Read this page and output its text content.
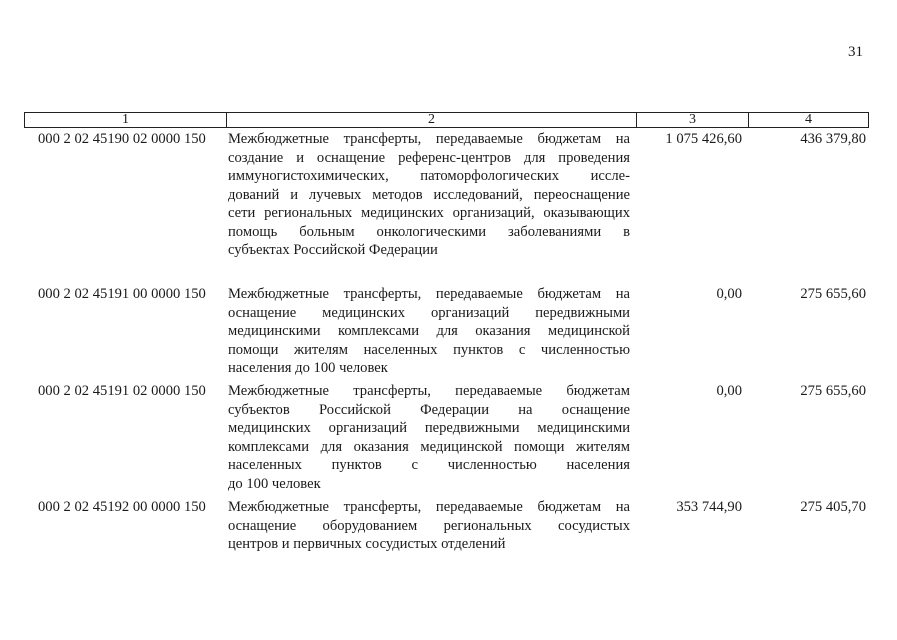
31
1	2	3	4
000 2 02 45190 02 0000 150	Межбюджетные трансферты, передаваемые бюджетам на
создание и оснащение референс-центров для проведения
иммуногистохимических, патоморфологических иссле-
дований и лучевых методов исследований, переоснащение
сети региональных медицинских организаций, оказывающих
помощь больным онкологическими заболеваниями в
субъектах Российской Федерации
1 075 426,60	436 379,80
000 2 02 45191 00 0000 150	Межбюджетные трансферты, передаваемые бюджетам на
оснащение медицинских организаций передвижными
медицинскими комплексами для оказания медицинской
помощи жителям населенных пунктов с численностью
населения до 100 человек
0,00	275 655,60
000 2 02 45191 02 0000 150	Межбюджетные трансферты, передаваемые бюджетам
субъектов Российской Федерации на оснащение
медицинских организаций передвижными медицинскими
комплексами для оказания медицинской помощи жителям
населенных пунктов с численностью населения
до 100 человек
0,00	275 655,60
000 2 02 45192 00 0000 150	Межбюджетные трансферты, передаваемые бюджетам на
оснащение оборудованием региональных сосудистых
центров и первичных сосудистых отделений
353 744,90	275 405,70
